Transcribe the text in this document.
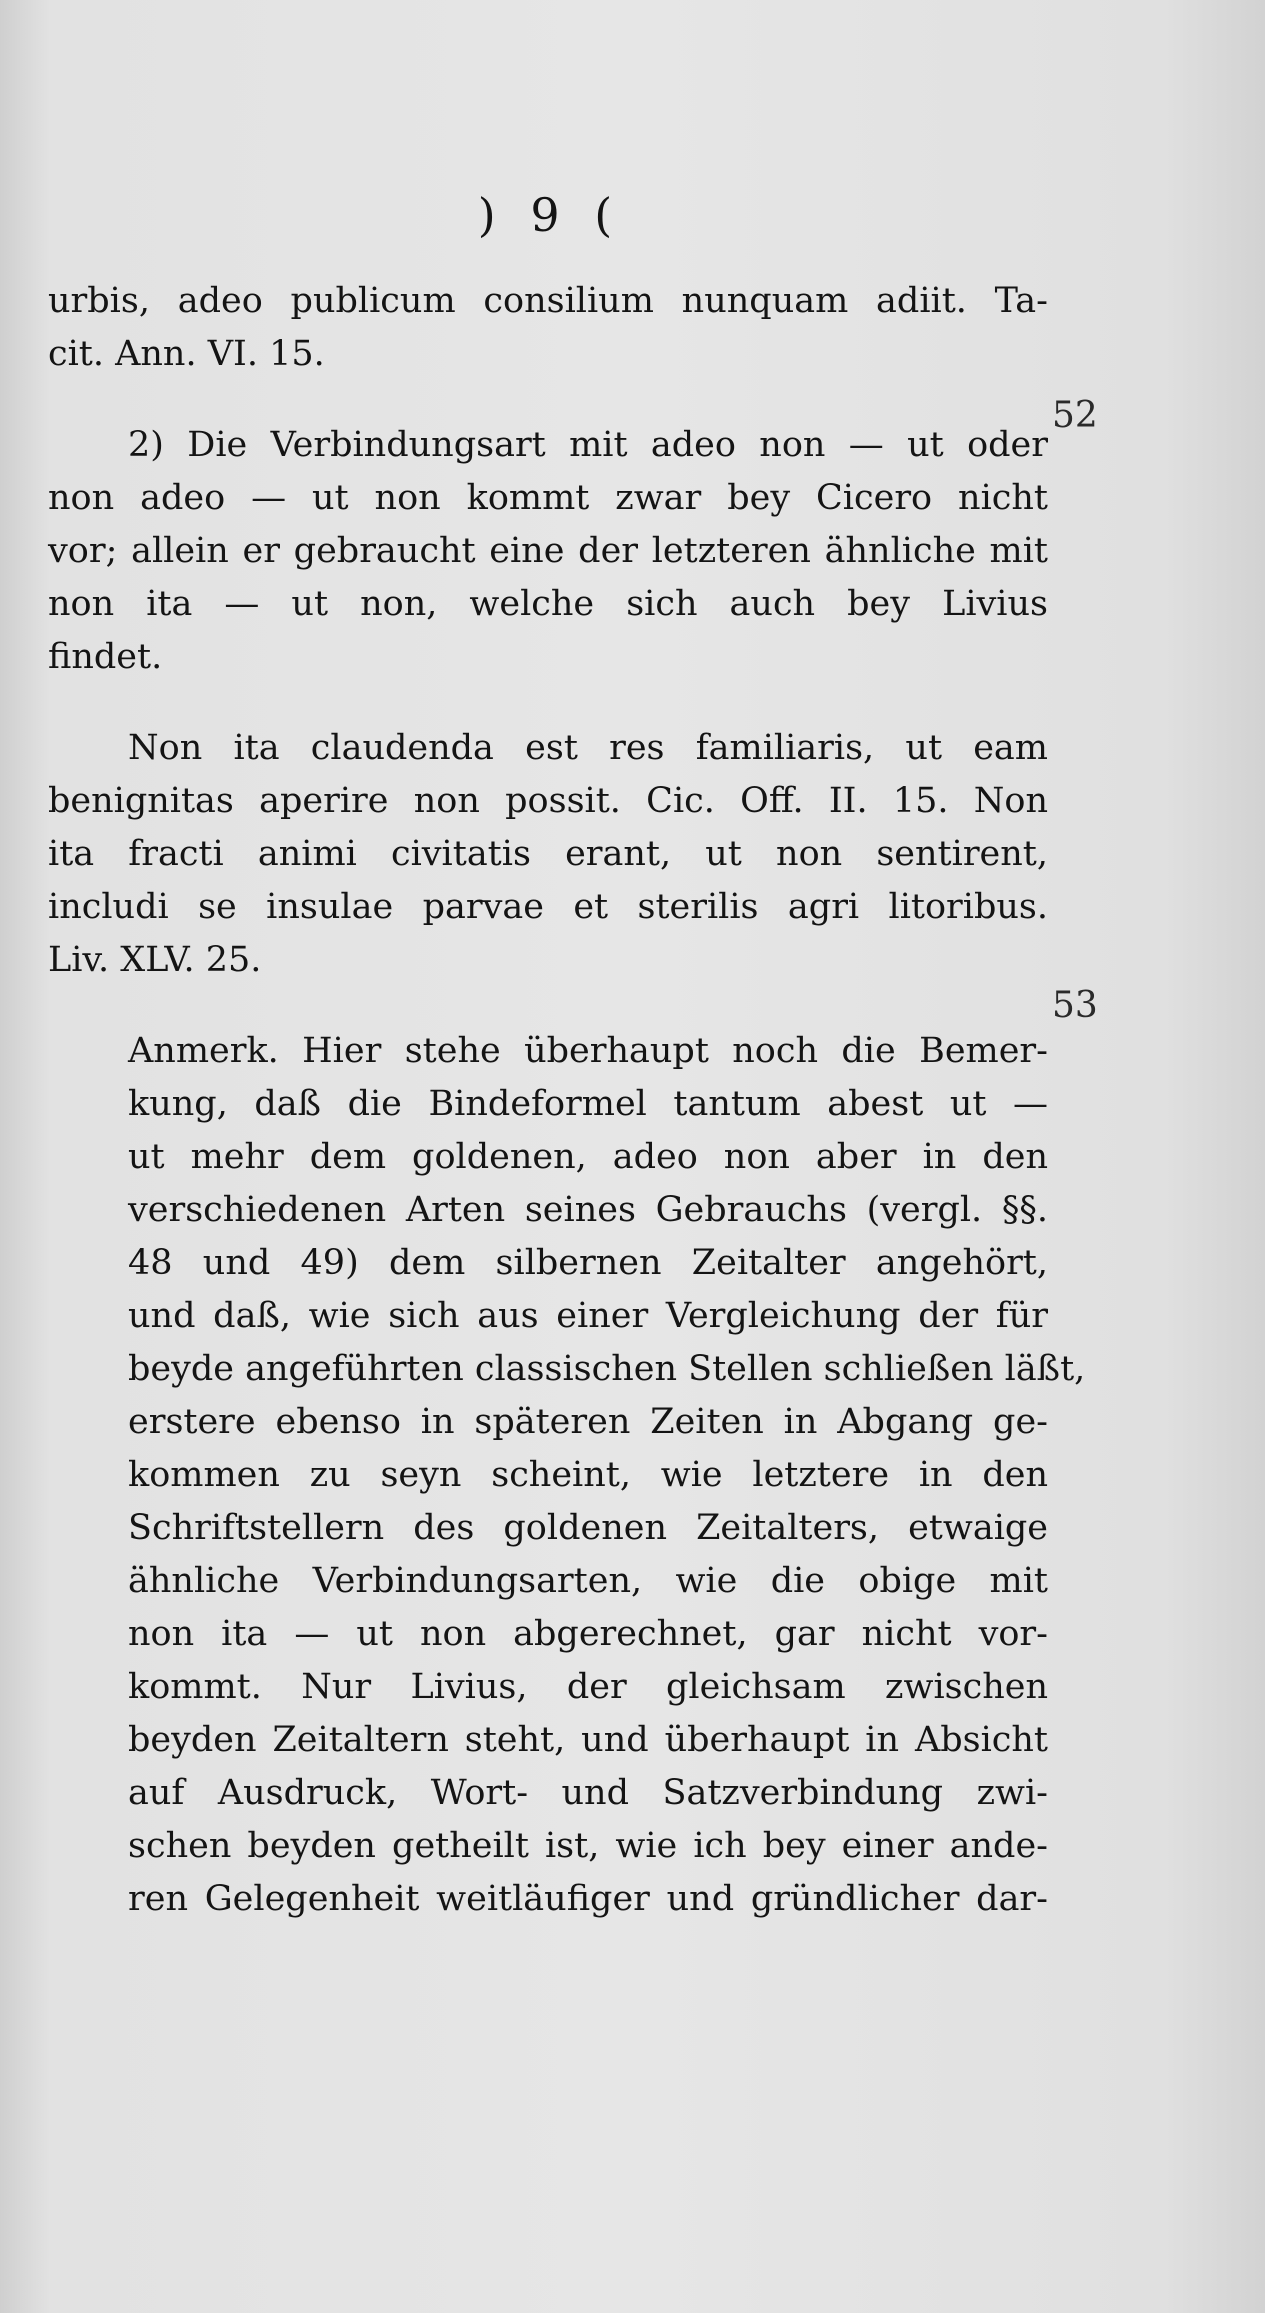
) 9 (
52
53
urbis, adeo publicum consilium nunquam adiit. Ta-
cit. Ann. VI. 15.
2) Die Verbindungsart mit adeo non — ut oder
non adeo — ut non kommt zwar bey Cicero nicht
vor; allein er gebraucht eine der letzteren ähnliche mit
non ita — ut non, welche sich auch bey Livius
findet.
Non ita claudenda est res familiaris, ut eam
benignitas aperire non possit. Cic. Off. II. 15. Non
ita fracti animi civitatis erant, ut non sentirent,
includi se insulae parvae et sterilis agri litoribus.
Liv. XLV. 25.
Anmerk. Hier stehe überhaupt noch die Bemer-
kung, daß die Bindeformel tantum abest ut —
ut mehr dem goldenen, adeo non aber in den
verschiedenen Arten seines Gebrauchs (vergl. §§.
48 und 49) dem silbernen Zeitalter angehört,
und daß, wie sich aus einer Vergleichung der für
beyde angeführten classischen Stellen schließen läßt,
erstere ebenso in späteren Zeiten in Abgang ge-
kommen zu seyn scheint, wie letztere in den
Schriftstellern des goldenen Zeitalters, etwaige
ähnliche Verbindungsarten, wie die obige mit
non ita — ut non abgerechnet, gar nicht vor-
kommt. Nur Livius, der gleichsam zwischen
beyden Zeitaltern steht, und überhaupt in Absicht
auf Ausdruck, Wort- und Satzverbindung zwi-
schen beyden getheilt ist, wie ich bey einer ande-
ren Gelegenheit weitläufiger und gründlicher dar-
